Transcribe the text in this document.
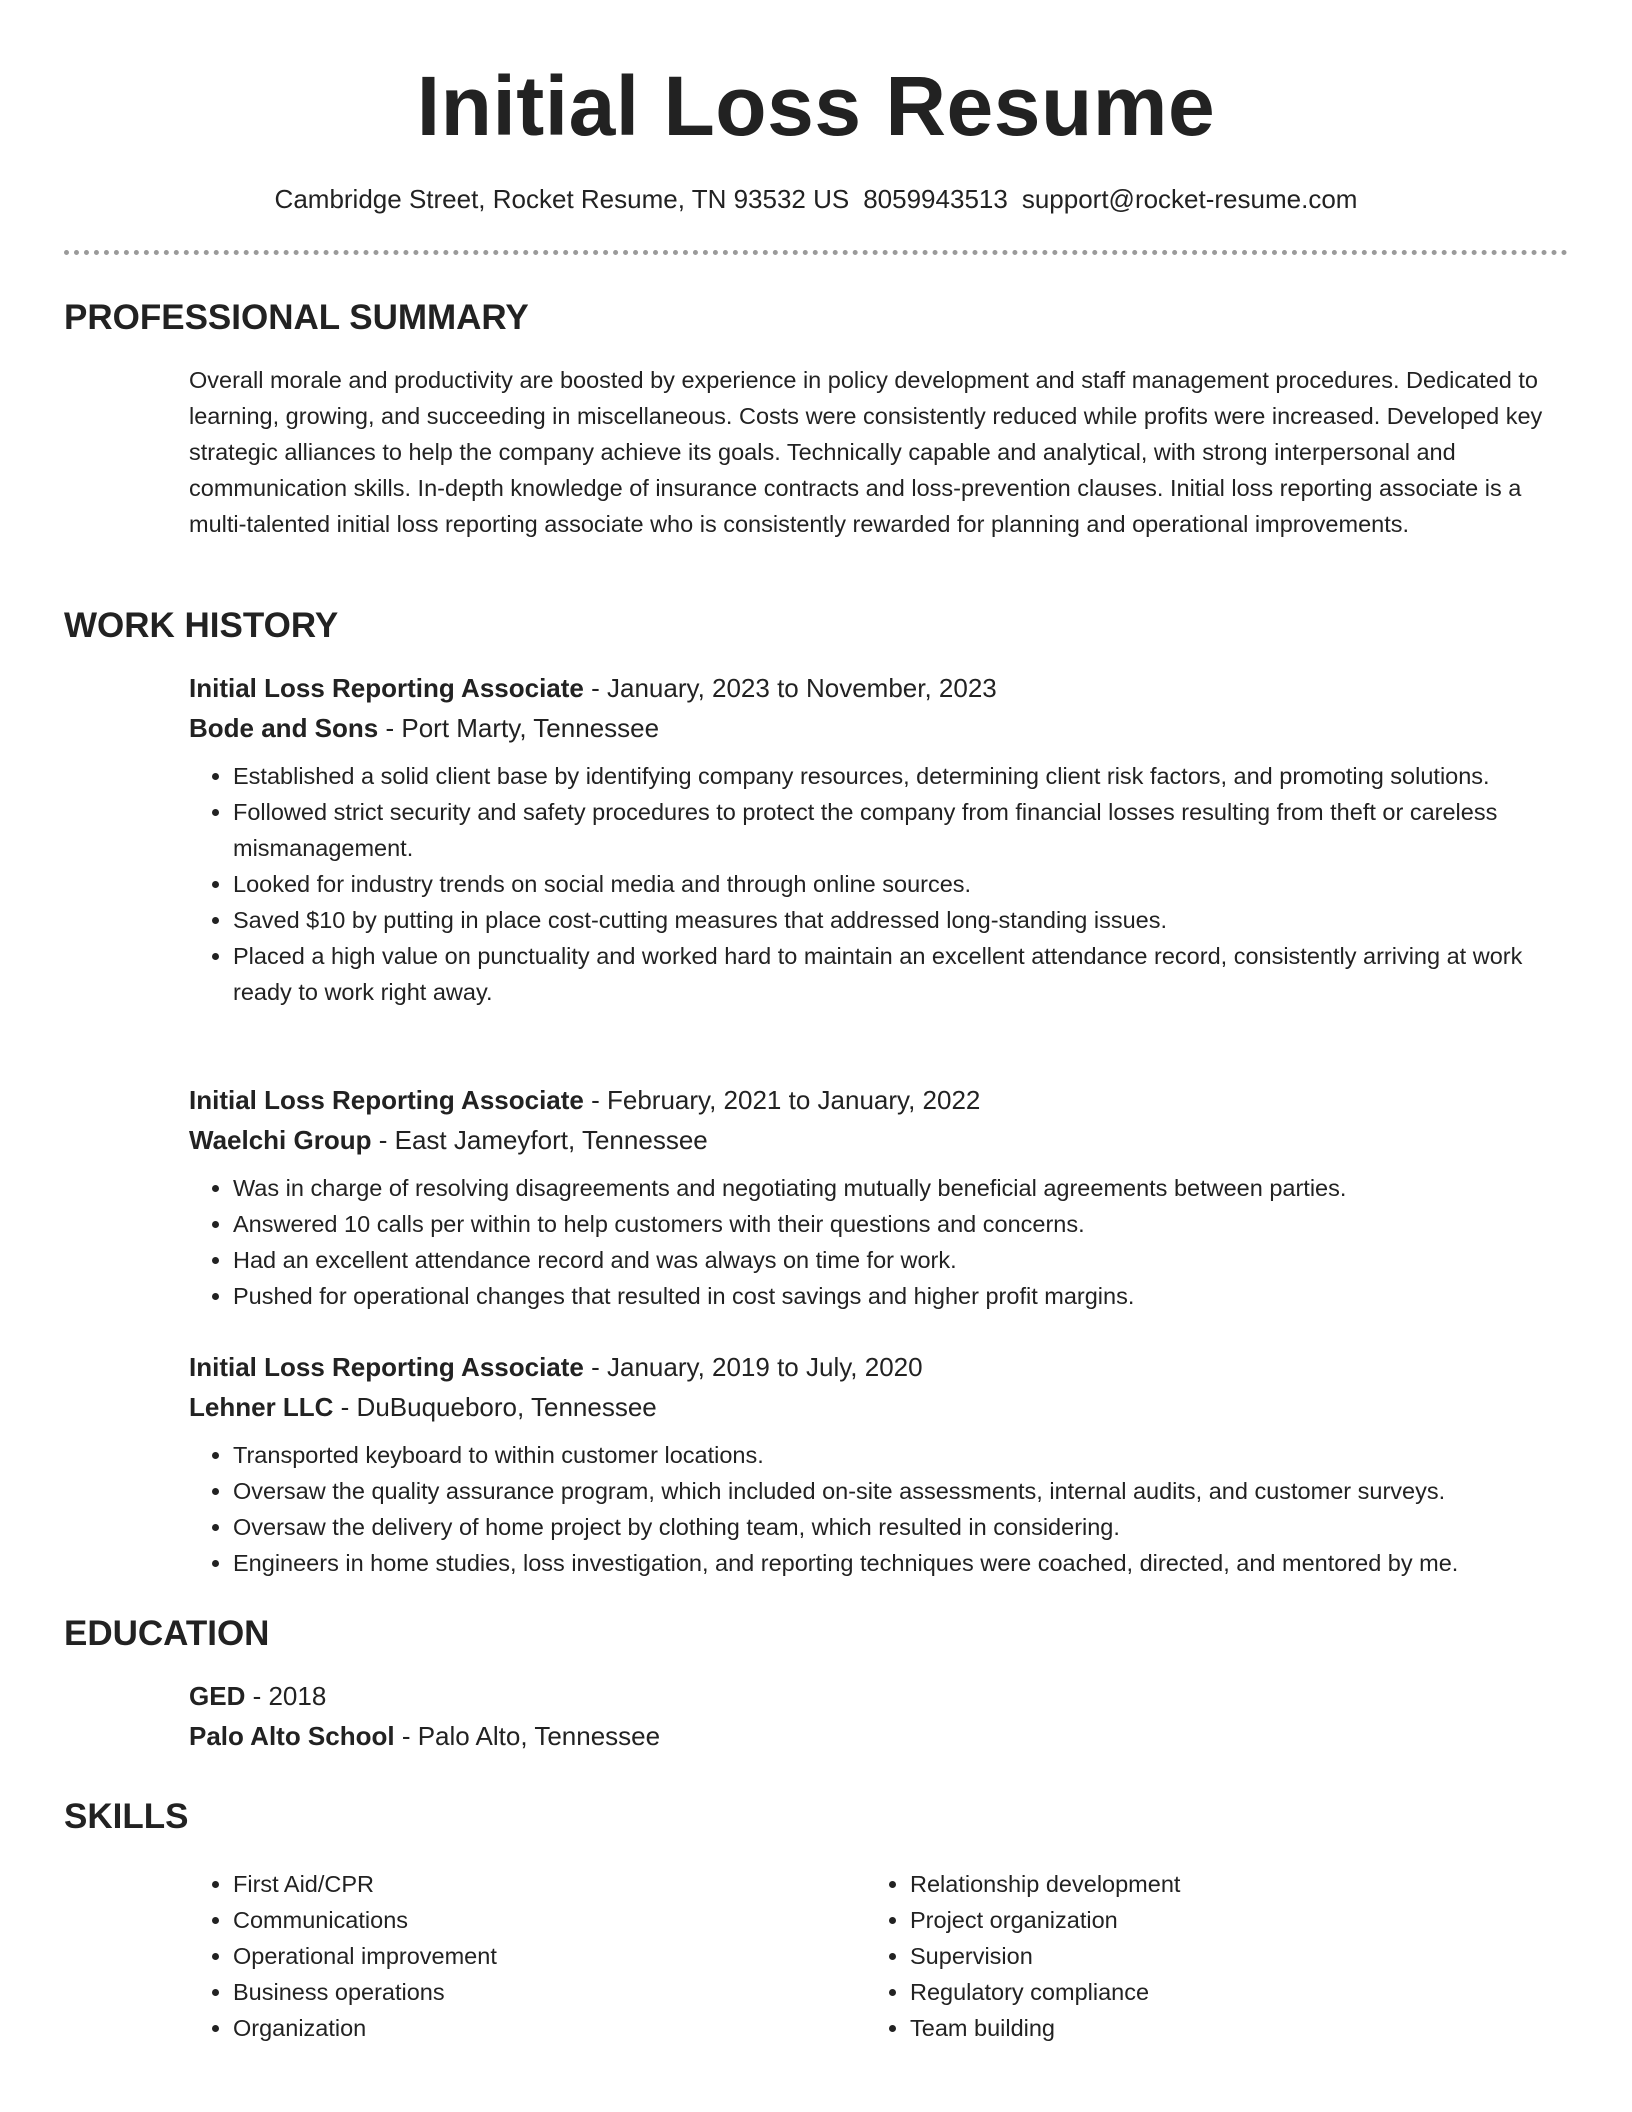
Initial Loss Resume
Cambridge Street, Rocket Resume, TN 93532 US 8059943513 support@rocket-resume.com
PROFESSIONAL SUMMARY

Overall morale and productivity are boosted by experience in policy development and staff management procedures. Dedicated to learning, growing, and succeeding in miscellaneous. Costs were consistently reduced while profits were increased. Developed key strategic alliances to help the company achieve its goals. Technically capable and analytical, with strong interpersonal and communication skills. In-depth knowledge of insurance contracts and loss-prevention clauses. Initial loss reporting associate is a multi-talented initial loss reporting associate who is consistently rewarded for planning and operational improvements.

WORK HISTORY

Initial Loss Reporting Associate - January, 2023 to November, 2023

Bode and Sons - Port Marty, Tennessee

• Established a solid client base by identifying company resources, determining client risk factors, and promoting solutions.
• Followed strict security and safety procedures to protect the company from financial losses resulting from theft or careless mismanagement.
• Looked for industry trends on social media and through online sources.
• Saved $10 by putting in place cost-cutting measures that addressed long-standing issues.
• Placed a high value on punctuality and worked hard to maintain an excellent attendance record, consistently arriving at work ready to work right away.

Initial Loss Reporting Associate - February, 2021 to January, 2022

Waelchi Group - East Jameyfort, Tennessee

• Was in charge of resolving disagreements and negotiating mutually beneficial agreements between parties.
• Answered 10 calls per within to help customers with their questions and concerns.
• Had an excellent attendance record and was always on time for work.
• Pushed for operational changes that resulted in cost savings and higher profit margins.

Initial Loss Reporting Associate - January, 2019 to July, 2020

Lehner LLC - DuBuqueboro, Tennessee

• Transported keyboard to within customer locations.
• Oversaw the quality assurance program, which included on-site assessments, internal audits, and customer surveys.
• Oversaw the delivery of home project by clothing team, which resulted in considering.
• Engineers in home studies, loss investigation, and reporting techniques were coached, directed, and mentored by me.
EDUCATION

GED - 2018

Palo Alto School - Palo Alto, Tennessee

SKILLS
• First Aid/CPR
• Communications
• Operational improvement
• Business operations
• Organization
• Relationship development
• Project organization
• Supervision
• Regulatory compliance
• Team building
